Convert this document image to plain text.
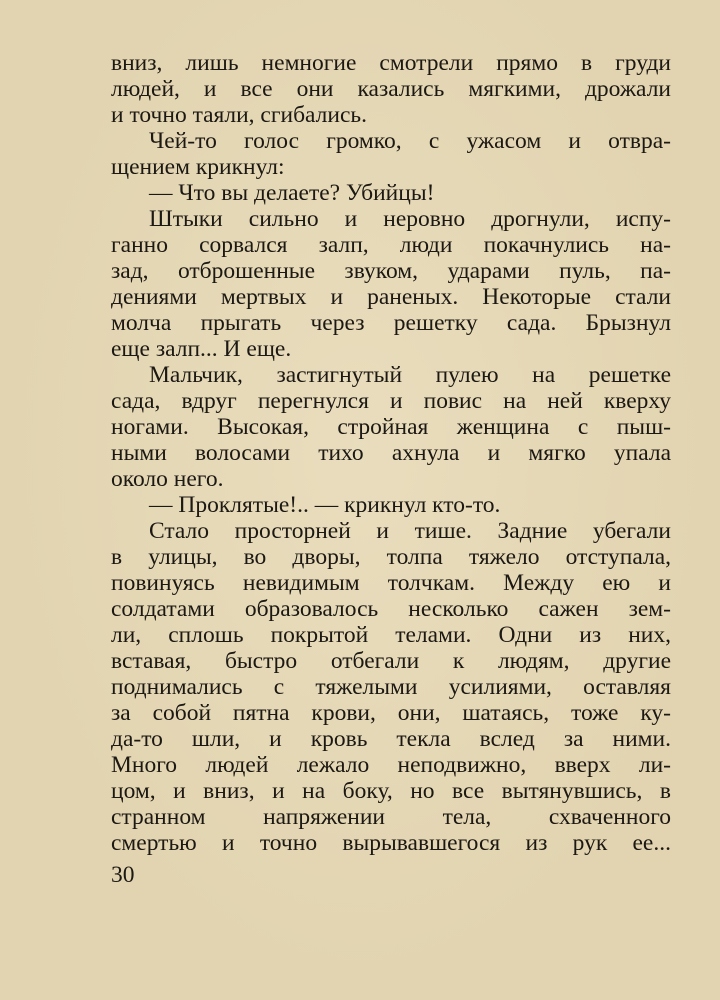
вниз, лишь немногие смотрели прямо в груди
людей, и все они казались мягкими, дрожали
и точно таяли, сгибались.
Чей-то голос громко, с ужасом и отвра-
щением крикнул:
— Что вы делаете? Убийцы!
Штыки сильно и неровно дрогнули, испу-
ганно сорвался залп, люди покачнулись на-
зад, отброшенные звуком, ударами пуль, па-
дениями мертвых и раненых. Некоторые стали
молча прыгать через решетку сада. Брызнул
еще залп... И еще.
Мальчик, застигнутый пулею на решетке
сада, вдруг перегнулся и повис на ней кверху
ногами. Высокая, стройная женщина с пыш-
ными волосами тихо ахнула и мягко упала
около него.
— Проклятые!.. — крикнул кто-то.
Стало просторней и тише. Задние убегали
в улицы, во дворы, толпа тяжело отступала,
повинуясь невидимым толчкам. Между ею и
солдатами образовалось несколько сажен зем-
ли, сплошь покрытой телами. Одни из них,
вставая, быстро отбегали к людям, другие
поднимались с тяжелыми усилиями, оставляя
за собой пятна крови, они, шатаясь, тоже ку-
да-то шли, и кровь текла вслед за ними.
Много людей лежало неподвижно, вверх ли-
цом, и вниз, и на боку, но все вытянувшись, в
странном напряжении тела, схваченного
смертью и точно вырывавшегося из рук ее...
30
